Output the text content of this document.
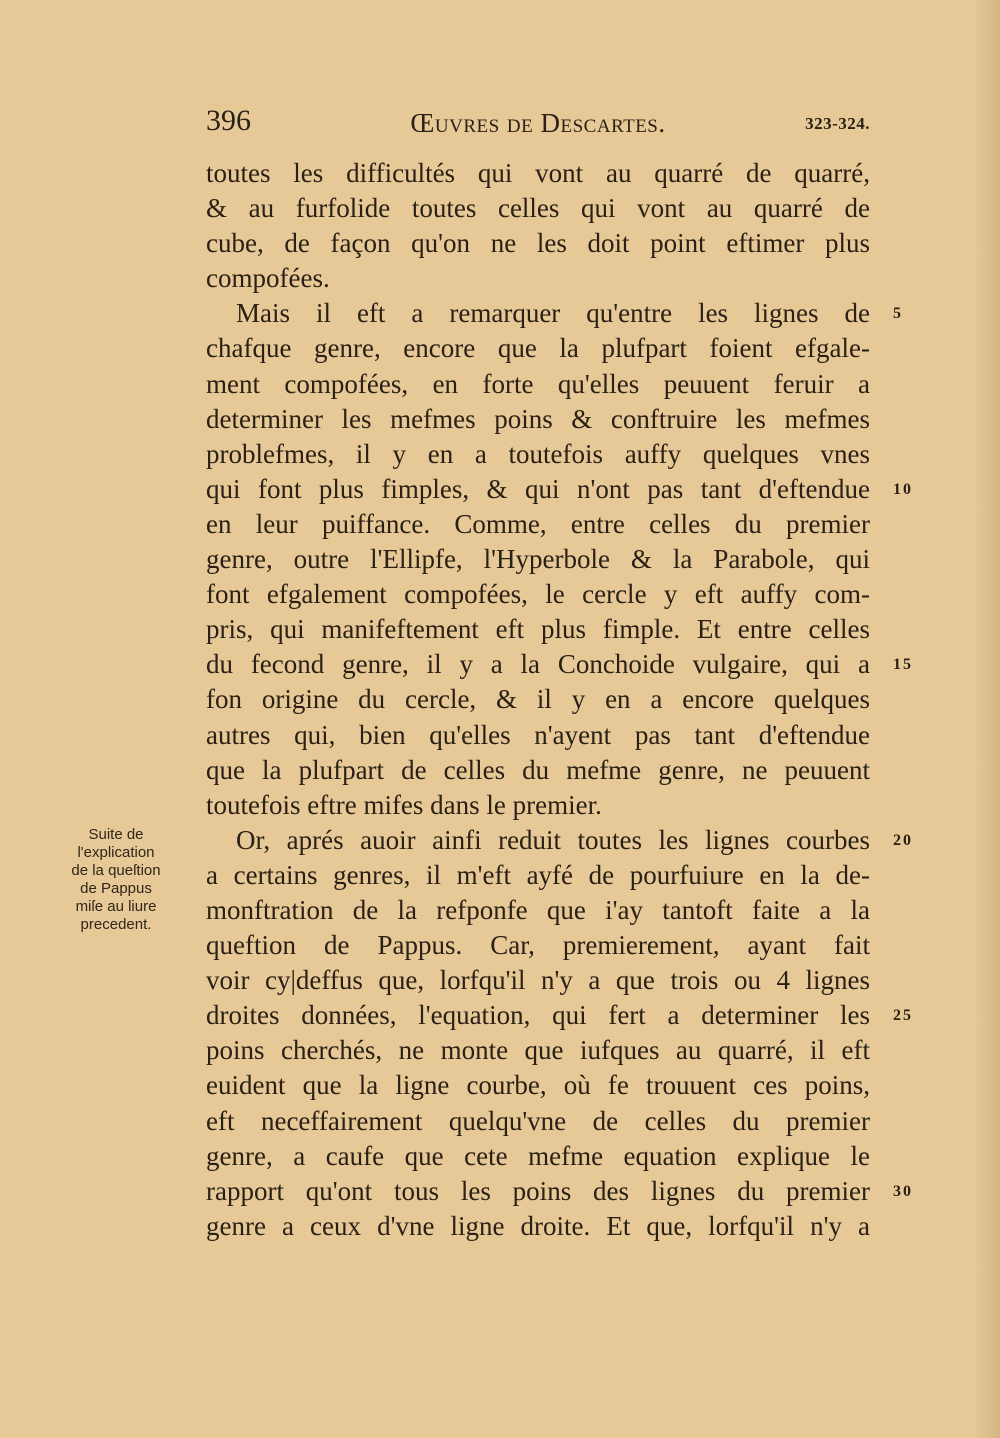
396	Œuvres de Descartes.	323-324.
Suite de
l'explication
de la queſtion
de Pappus
miſe au liure
precedent.
toutes les difficultés qui vont au quarré de quarré,
& au furfolide toutes celles qui vont au quarré de
cube, de façon qu'on ne les doit point eftimer plus
compofées.
Mais il eft a remarquer qu'entre les lignes de
chafque genre, encore que la plufpart foient efgale-
ment compofées, en forte qu'elles peuuent feruir a
determiner les mefmes poins & conftruire les mefmes
problefmes, il y en a toutefois auffy quelques vnes
qui font plus fimples, & qui n'ont pas tant d'eftendue
en leur puiffance. Comme, entre celles du premier
genre, outre l'Ellipfe, l'Hyperbole & la Parabole, qui
font efgalement compofées, le cercle y eft auffy com-
pris, qui manifeftement eft plus fimple. Et entre celles
du fecond genre, il y a la Conchoide vulgaire, qui a
fon origine du cercle, & il y en a encore quelques
autres qui, bien qu'elles n'ayent pas tant d'eftendue
que la plufpart de celles du mefme genre, ne peuuent
toutefois eftre mifes dans le premier.
Or, aprés auoir ainfi reduit toutes les lignes courbes
a certains genres, il m'eft ayfé de pourfuiure en la de-
monftration de la refponfe que i'ay tantoft faite a la
queftion de Pappus. Car, premierement, ayant fait
voir cy|deffus que, lorfqu'il n'y a que trois ou 4 lignes
droites données, l'equation, qui fert a determiner les
poins cherchés, ne monte que iufques au quarré, il eft
euident que la ligne courbe, où fe trouuent ces poins,
eft neceffairement quelqu'vne de celles du premier
genre, a caufe que cete mefme equation explique le
rapport qu'ont tous les poins des lignes du premier
genre a ceux d'vne ligne droite. Et que, lorfqu'il n'y a
5
10
15
20
25
30
